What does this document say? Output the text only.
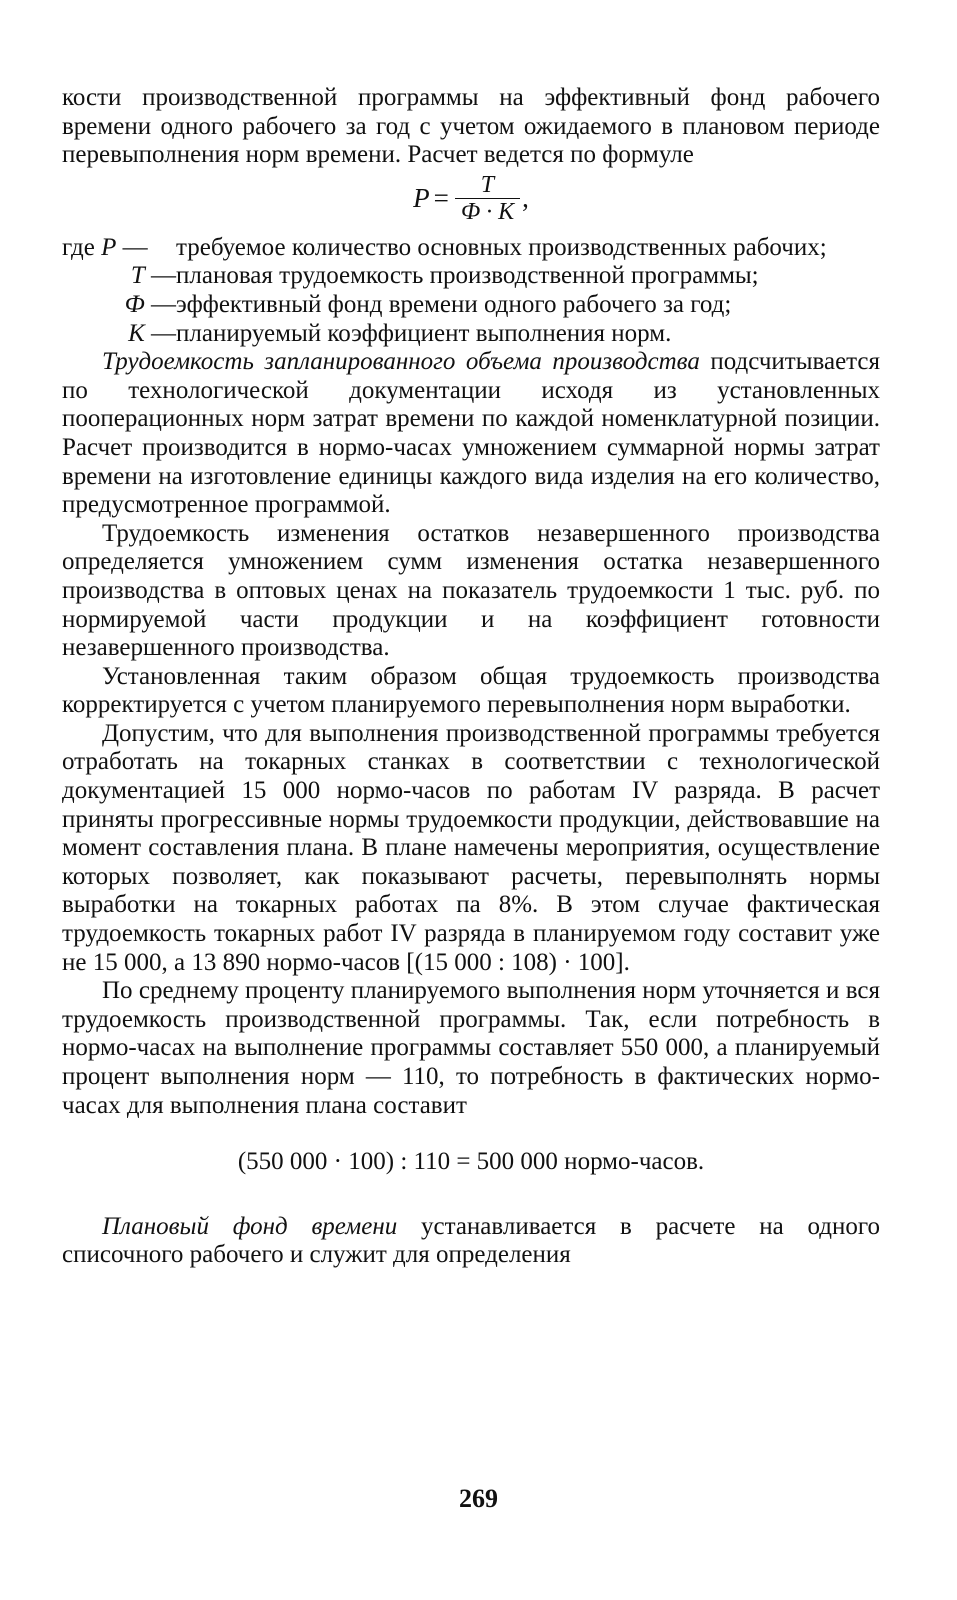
кости производственной программы на эффективный фонд рабочего времени одного рабочего за год с учетом ожидаемого в плановом периоде перевыполнения норм времени. Расчет ведется по формуле

$P = \frac{T}{Ф \cdot K}$ ,
где P —	требуемое количество основных производственных рабочих;
T — плановая трудоемкость производственной программы;
Ф — эффективный фонд времени одного рабочего за год;
К — планируемый коэффициент выполнения норм.

Трудоемкость запланированного объема производства подсчитывается по технологической документации исходя из установленных пооперационных норм затрат времени по каждой номенклатурной позиции. Расчет производится в нормо-часах умножением суммарной нормы затрат времени на изготовление единицы каждого вида изделия на его количество, предусмотренное программой.

Трудоемкость изменения остатков незавершенного производства определяется умножением сумм изменения остатка незавершенного производства в оптовых ценах на показатель трудоемкости 1 тыс. руб. по нормируемой части продукции и на коэффициент готовности незавершенного производства.

Установленная таким образом общая трудоемкость производства корректируется с учетом планируемого перевыполнения норм выработки.

Допустим, что для выполнения производственной программы требуется отработать на токарных станках в соответствии с технологической документацией 15 000 нормо-часов по работам IV разряда. В расчет приняты прогрессивные нормы трудоемкости продукции, действовавшие на момент составления плана. В плане намечены мероприятия, осуществление которых позволяет, как показывают расчеты, перевыполнять нормы выработки на токарных работах па 8%. В этом случае фактическая трудоемкость токарных работ IV разряда в планируемом году составит уже не 15 000, а 13 890 нормо-часов [(15 000 : 108) · 100].

По среднему проценту планируемого выполнения норм уточняется и вся трудоемкость производственной программы. Так, если потребность в нормо-часах на выполнение программы составляет 550 000, а планируемый процент выполнения норм — 110, то потребность в фактических нормо-часах для выполнения плана составит

(550 000 · 100) : 110 = 500 000 нормо-часов.

Плановый фонд времени устанавливается в расчете на одного списочного рабочего и служит для определения

269
